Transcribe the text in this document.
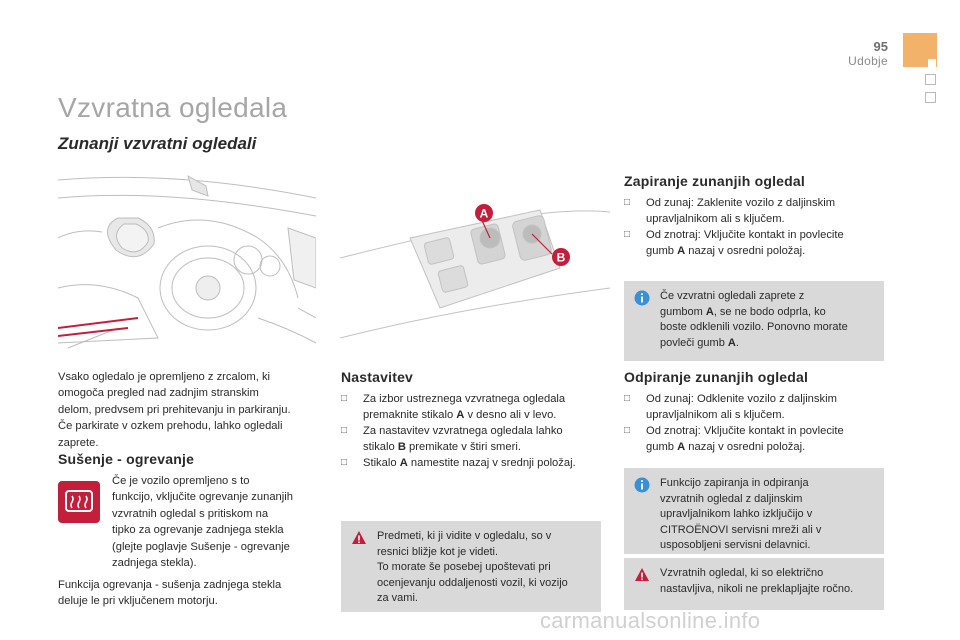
95
Udobje
Vzvratna ogledala
Zunanji vzvratni ogledali
A
B
Vsako ogledalo je opremljeno z zrcalom, ki
omogoča pregled nad zadnjim stranskim
delom, predvsem pri prehitevanju in parkiranju.
Če parkirate v ozkem prehodu, lahko ogledali
zaprete.
Sušenje - ogrevanje
Če je vozilo opremljeno s to
funkcijo, vključite ogrevanje zunanjih
vzvratnih ogledal s pritiskom na
tipko za ogrevanje zadnjega stekla
(glejte poglavje Sušenje - ogrevanje
zadnjega stekla).
Funkcija ogrevanja - sušenja zadnjega stekla
deluje le pri vključenem motorju.
Nastavitev
□ Za izbor ustreznega vzvratnega ogledala
premaknite stikalo A v desno ali v levo.
□ Za nastavitev vzvratnega ogledala lahko
stikalo B premikate v štiri smeri.
□ Stikalo A namestite nazaj v srednji položaj.
Predmeti, ki ji vidite v ogledalu, so v
resnici bližje kot je videti.
To morate še posebej upoštevati pri
ocenjevanju oddaljenosti vozil, ki vozijo
za vami.
Zapiranje zunanjih ogledal
□ Od zunaj: Zaklenite vozilo z daljinskim
upravljalnikom ali s ključem.
□ Od znotraj: Vključite kontakt in povlecite
gumb A nazaj v osredni položaj.
Če vzvratni ogledali zaprete z
gumbom A, se ne bodo odprla, ko
boste odklenili vozilo. Ponovno morate
povleči gumb A.
Odpiranje zunanjih ogledal
□ Od zunaj: Odklenite vozilo z daljinskim
upravljalnikom ali s ključem.
□ Od znotraj: Vključite kontakt in povlecite
gumb A nazaj v osredni položaj.
Funkcijo zapiranja in odpiranja
vzvratnih ogledal z daljinskim
upravljalnikom lahko izključijo v
CITROËNOVI servisni mreži ali v
usposobljeni servisni delavnici.
Vzvratnih ogledal, ki so električno
nastavljiva, nikoli ne preklapljajte ročno.
carmanualsonline.info
